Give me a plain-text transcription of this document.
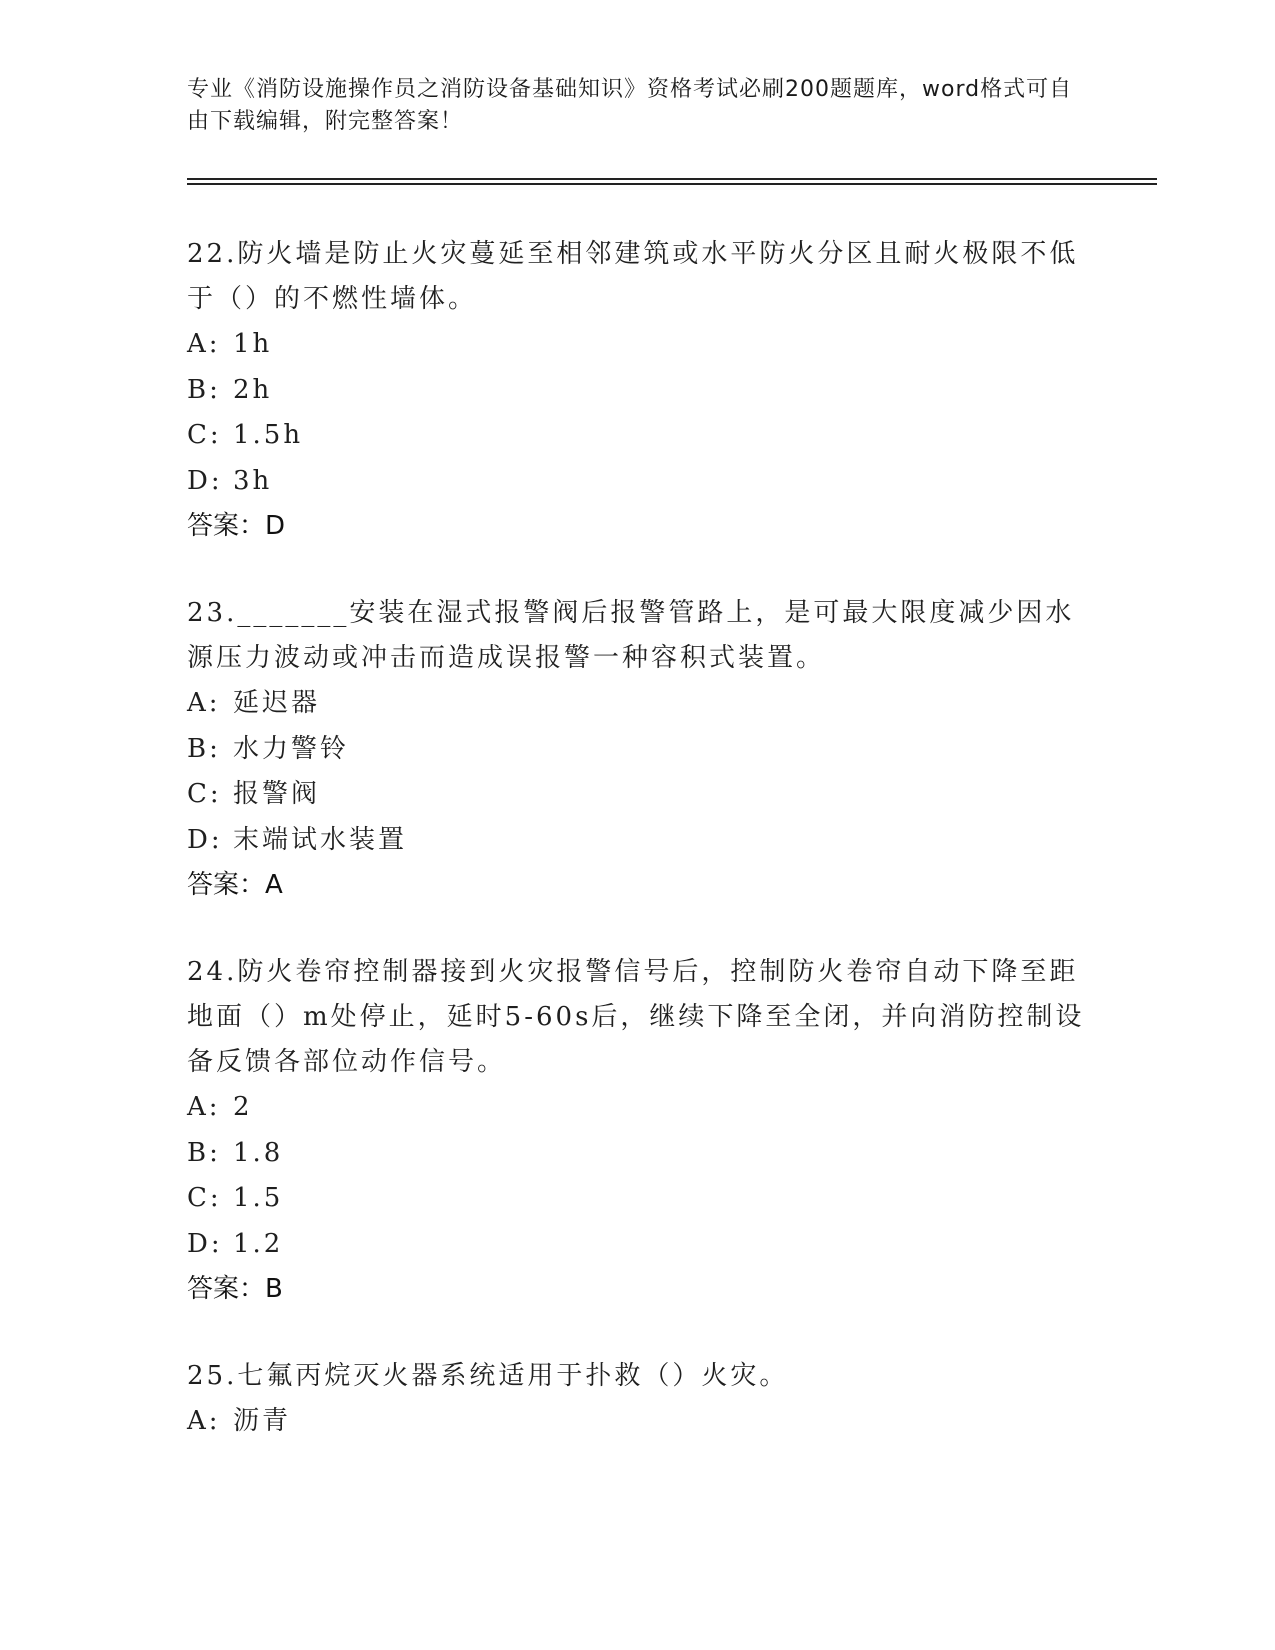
专业《消防设施操作员之消防设备基础知识》资格考试必刷200题题库，word格式可自由下载编辑，附完整答案！
22.防火墙是防止火灾蔓延至相邻建筑或水平防火分区且耐火极限不低于（）的不燃性墙体。
A: 1h
B: 2h
C: 1.5h
D: 3h
答案：D
23._______安装在湿式报警阀后报警管路上，是可最大限度减少因水源压力波动或冲击而造成误报警一种容积式装置。
A: 延迟器
B: 水力警铃
C: 报警阀
D: 末端试水装置
答案：A
24.防火卷帘控制器接到火灾报警信号后，控制防火卷帘自动下降至距地面（）m处停止，延时5-60s后，继续下降至全闭，并向消防控制设备反馈各部位动作信号。
A: 2
B: 1.8
C: 1.5
D: 1.2
答案：B
25.七氟丙烷灭火器系统适用于扑救（）火灾。
A: 沥青
